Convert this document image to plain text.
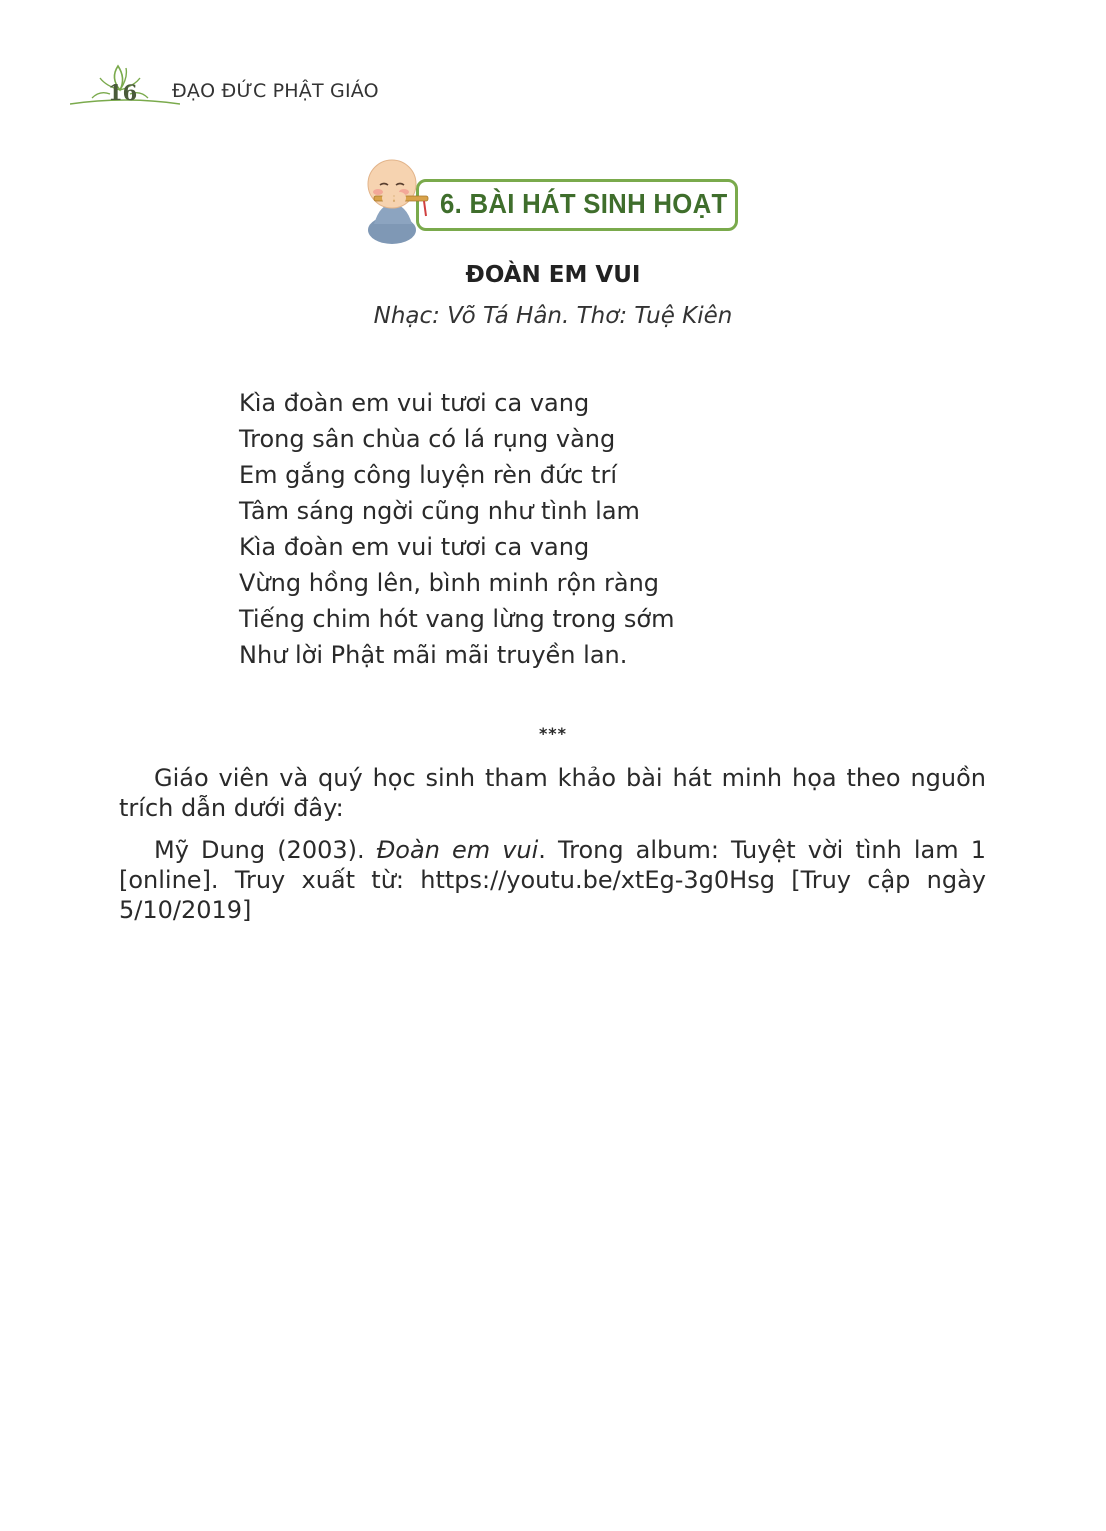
16 ĐẠO ĐỨC PHẬT GIÁO
6. BÀI HÁT SINH HOẠT
ĐOÀN EM VUI
Nhạc: Võ Tá Hân. Thơ: Tuệ Kiên
Kìa đoàn em vui tươi ca vang
Trong sân chùa có lá rụng vàng
Em gắng công luyện rèn đức trí
Tâm sáng ngời cũng như tình lam
Kìa đoàn em vui tươi ca vang
Vừng hồng lên, bình minh rộn ràng
Tiếng chim hót vang lừng trong sớm
Như lời Phật mãi mãi truyền lan.
***

Giáo viên và quý học sinh tham khảo bài hát minh họa theo nguồn trích dẫn dưới đây:

Mỹ Dung (2003). Đoàn em vui. Trong album: Tuyệt vời tình lam 1 [online]. Truy xuất từ: https://youtu.be/xtEg-3g0Hsg [Truy cập ngày 5/10/2019]
